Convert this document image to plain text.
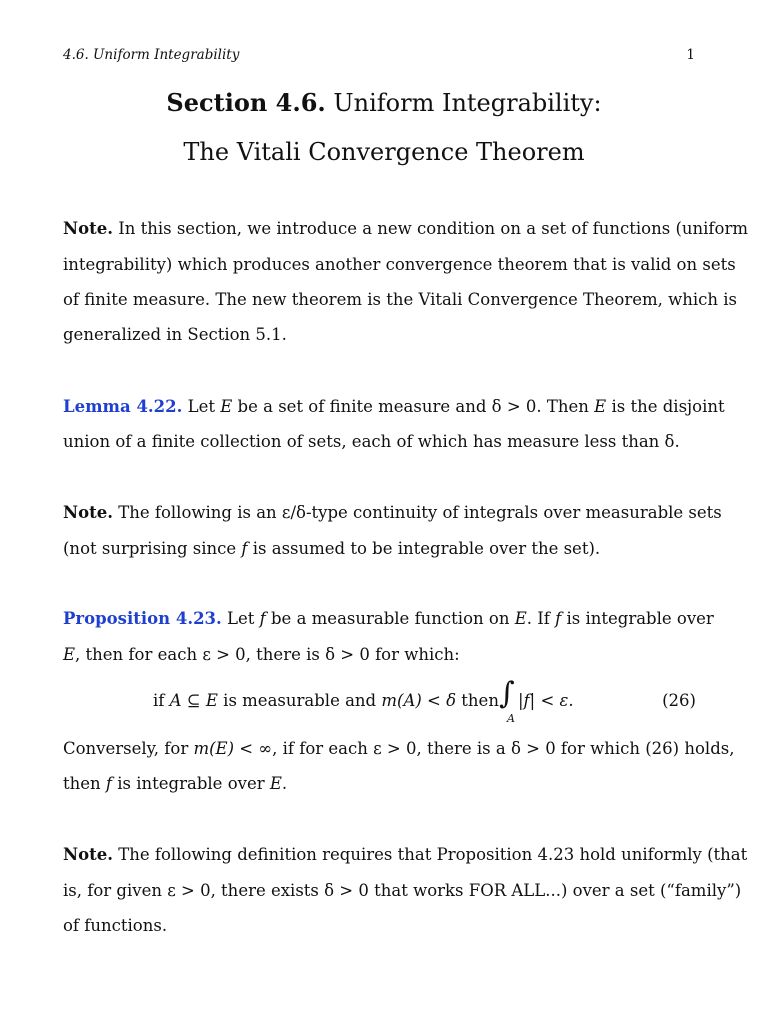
4.6. Uniform Integrability	1
Section 4.6. Uniform Integrability:
The Vitali Convergence Theorem
Note. In this section, we introduce a new condition on a set of functions (uniform
integrability) which produces another convergence theorem that is valid on sets
of finite measure. The new theorem is the Vitali Convergence Theorem, which is
generalized in Section 5.1.
Lemma 4.22. Let E be a set of finite measure and δ > 0. Then E is the disjoint
union of a finite collection of sets, each of which has measure less than δ.
Note. The following is an ε/δ-type continuity of integrals over measurable sets
(not surprising since f is assumed to be integrable over the set).
Proposition 4.23. Let f be a measurable function on E. If f is integrable over
E, then for each ε > 0, there is δ > 0 for which:
if A ⊆ E is measurable and m(A) < δ then ∫
A
|f| < ε.	(26)
Conversely, for m(E) < ∞, if for each ε > 0, there is a δ > 0 for which (26) holds,
then f is integrable over E.
Note. The following definition requires that Proposition 4.23 hold uniformly (that
is, for given ε > 0, there exists δ > 0 that works FOR ALL...) over a set (“family”)
of functions.
